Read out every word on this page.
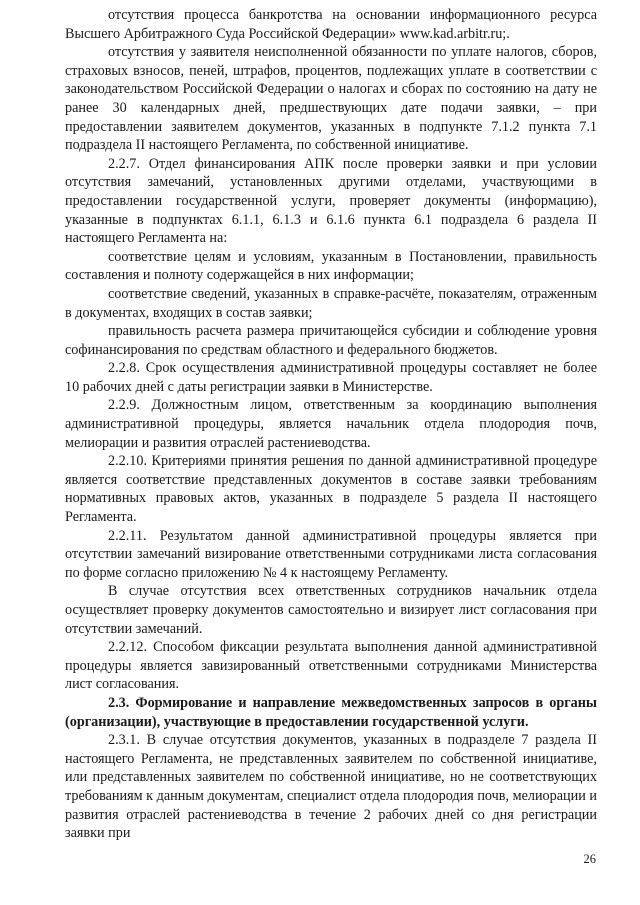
отсутствия процесса банкротства на основании информационного ресурса Высшего Арбитражного Суда Российской Федерации» www.kad.arbitr.ru;.

отсутствия у заявителя неисполненной обязанности по уплате налогов, сборов, страховых взносов, пеней, штрафов, процентов, подлежащих уплате в соответствии с законодательством Российской Федерации о налогах и сборах по состоянию на дату не ранее 30 календарных дней, предшествующих дате подачи заявки, – при предоставлении заявителем документов, указанных в подпункте 7.1.2 пункта 7.1 подраздела II настоящего Регламента, по собственной инициативе.

2.2.7. Отдел финансирования АПК после проверки заявки и при условии отсутствия замечаний, установленных другими отделами, участвующими в предоставлении государственной услуги, проверяет документы (информацию), указанные в подпунктах 6.1.1, 6.1.3 и 6.1.6 пункта 6.1 подраздела 6 раздела II настоящего Регламента на:

соответствие целям и условиям, указанным в Постановлении, правильность составления и полноту содержащейся в них информации;

соответствие сведений, указанных в справке-расчёте, показателям, отраженным в документах, входящих в состав заявки;

правильность расчета размера причитающейся субсидии и соблюдение уровня софинансирования по средствам областного и федерального бюджетов.

2.2.8. Срок осуществления административной процедуры составляет не более 10 рабочих дней с даты регистрации заявки в Министерстве.

2.2.9. Должностным лицом, ответственным за координацию выполнения административной процедуры, является начальник отдела плодородия почв, мелиорации и развития отраслей растениеводства.

2.2.10. Критериями принятия решения по данной административной процедуре является соответствие представленных документов в составе заявки требованиям нормативных правовых актов, указанных в подразделе 5 раздела II настоящего Регламента.

2.2.11. Результатом данной административной процедуры является при отсутствии замечаний визирование ответственными сотрудниками листа согласования по форме согласно приложению № 4 к настоящему Регламенту.

В случае отсутствия всех ответственных сотрудников начальник отдела осуществляет проверку документов самостоятельно и визирует лист согласования при отсутствии замечаний.

2.2.12. Способом фиксации результата выполнения данной административной процедуры является завизированный ответственными сотрудниками Министерства лист согласования.

2.3. Формирование и направление межведомственных запросов в органы (организации), участвующие в предоставлении государственной услуги.

2.3.1. В случае отсутствия документов, указанных в подразделе 7 раздела II настоящего Регламента, не представленных заявителем по собственной инициативе, или представленных заявителем по собственной инициативе, но не соответствующих требованиям к данным документам, специалист отдела плодородия почв, мелиорации и развития отраслей растениеводства в течение 2 рабочих дней со дня регистрации заявки при

26
